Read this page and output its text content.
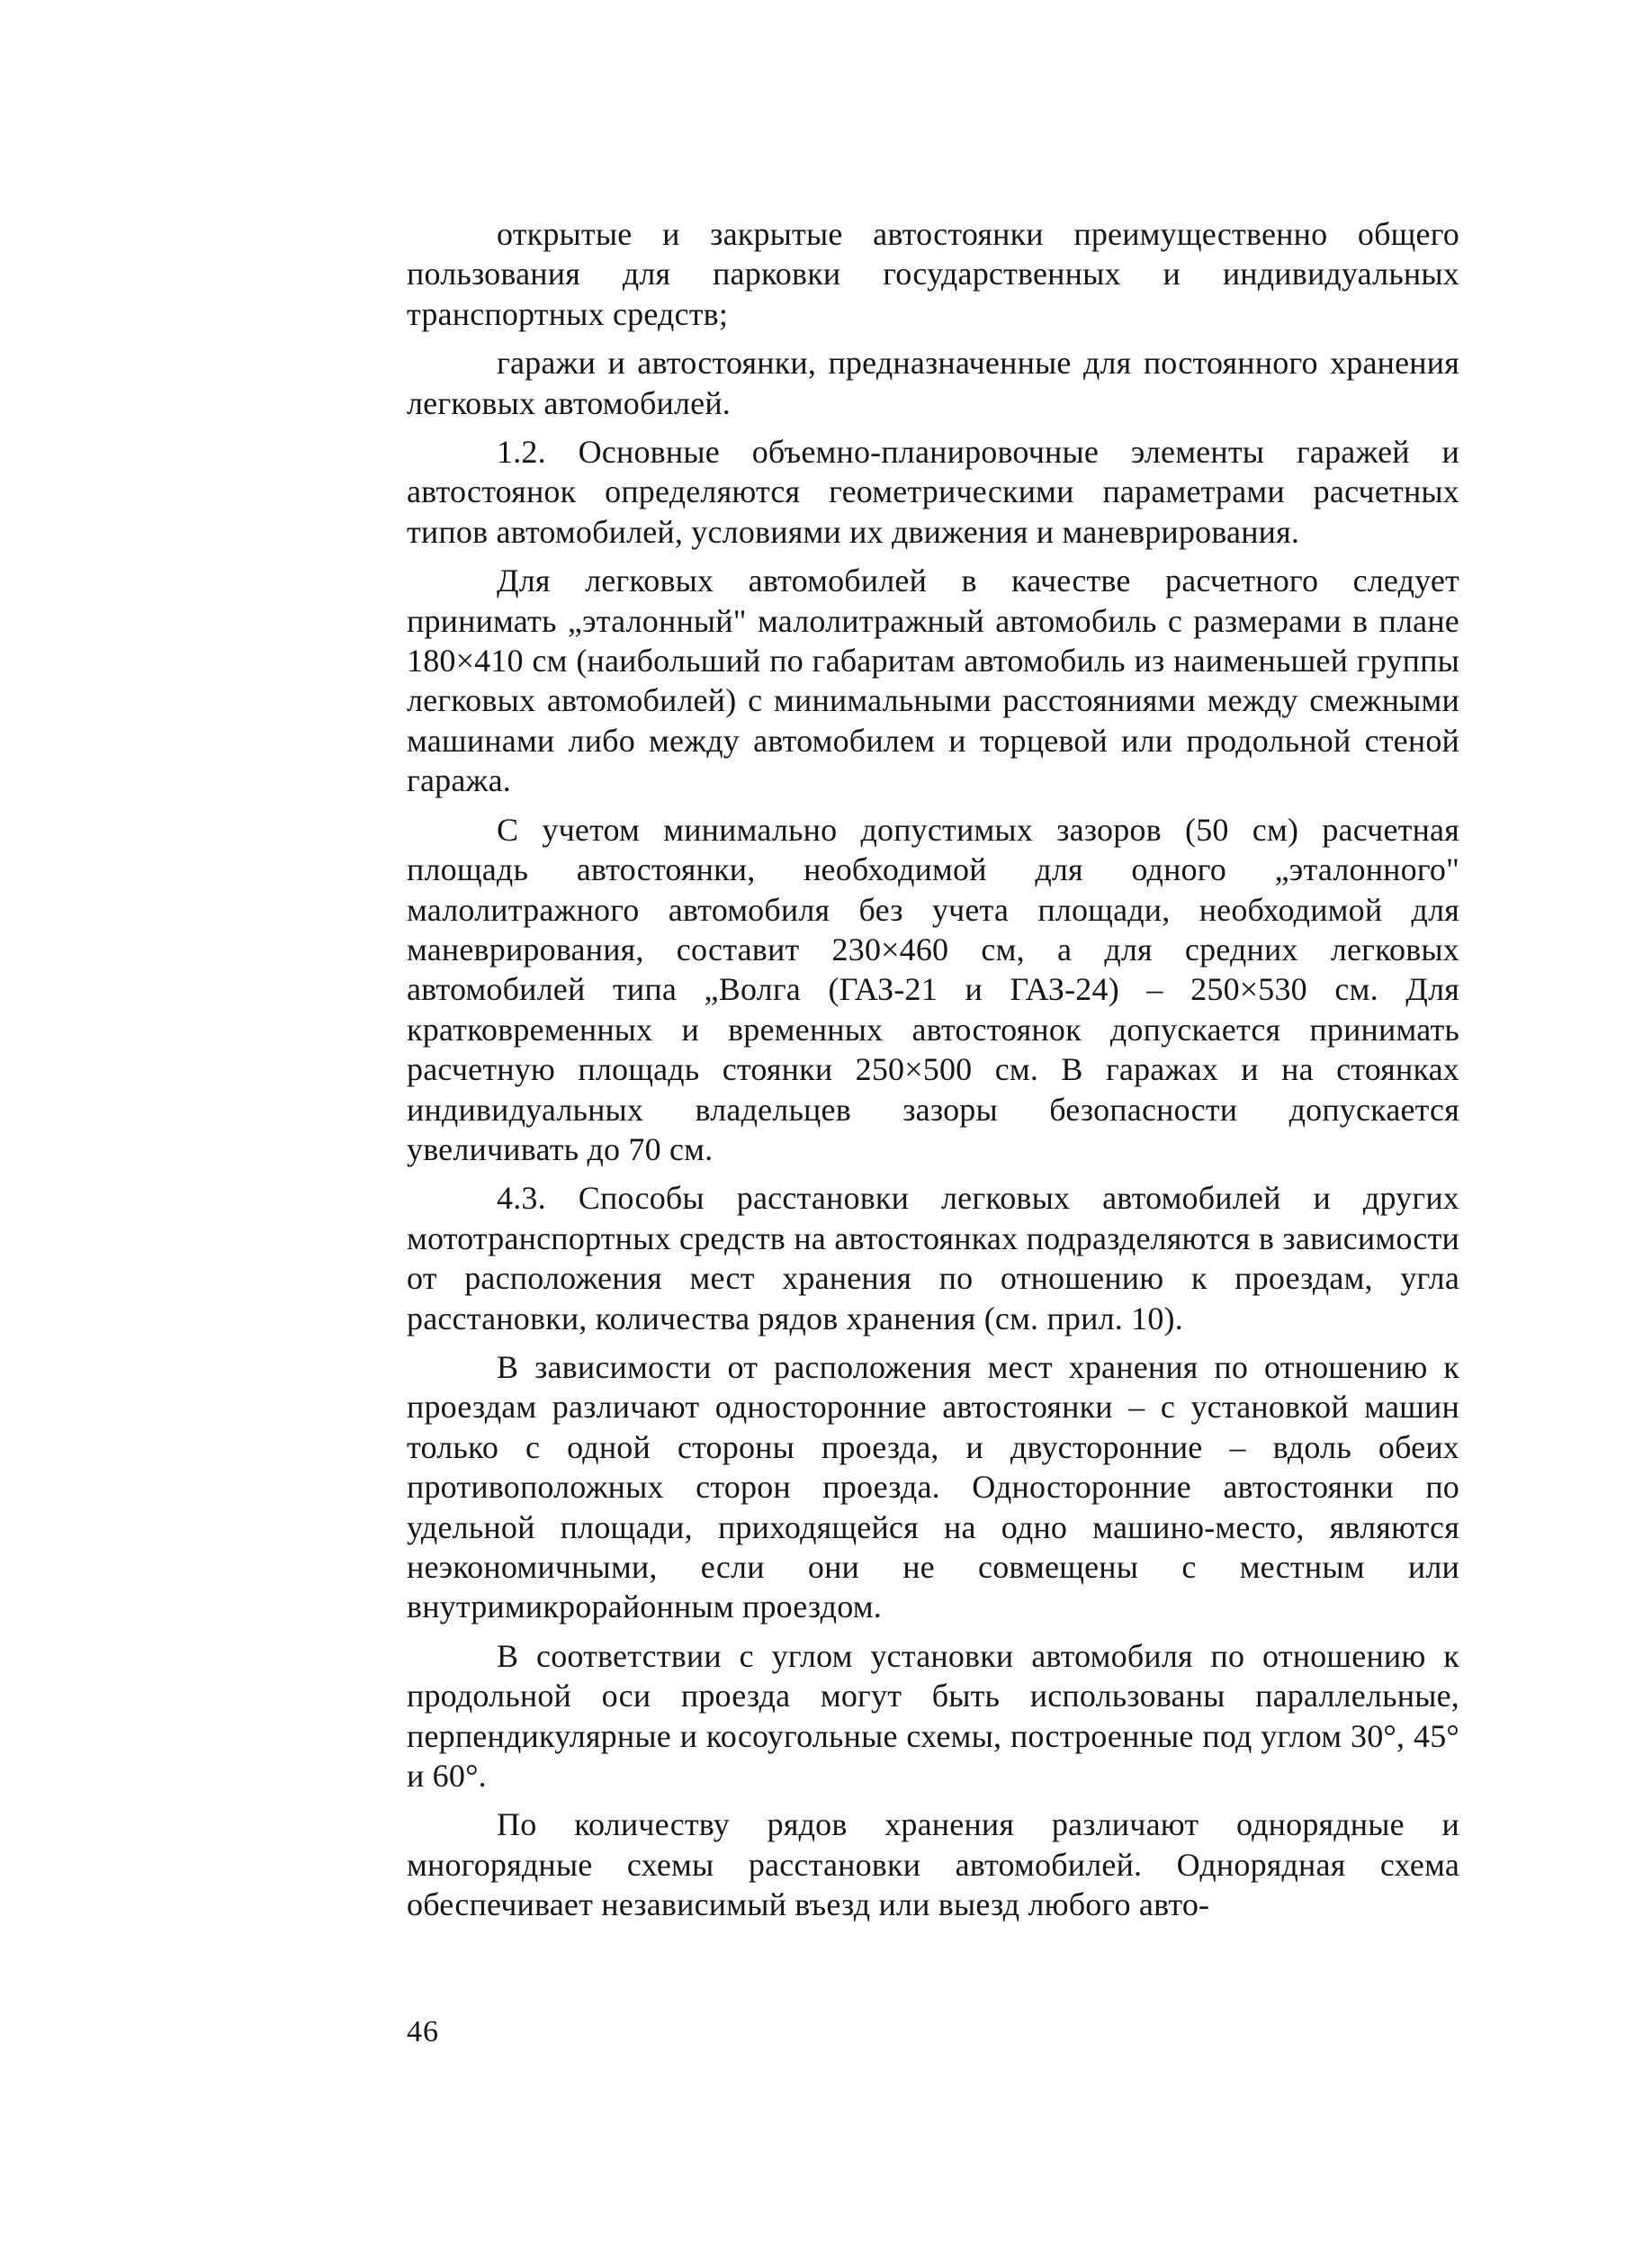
открытые и закрытые автостоянки преимущественно общего пользования для парковки государственных и индивидуальных транспортных средств;

гаражи и автостоянки, предназначенные для постоянного хранения легковых автомобилей.

1.2. Основные объемно-планировочные элементы гаражей и автостоянок определяются геометрическими параметрами расчетных типов автомобилей, условиями их движения и маневрирования.

Для легковых автомобилей в качестве расчетного следует принимать „эталонный" малолитражный автомобиль с размерами в плане 180×410 см (наибольший по габаритам автомобиль из наименьшей группы легковых автомобилей) с минимальными расстояниями между смежными машинами либо между автомобилем и торцевой или продольной стеной гаража.

С учетом минимально допустимых зазоров (50 см) расчетная площадь автостоянки, необходимой для одного „эталонного" малолитражного автомобиля без учета площади, необходимой для маневрирования, составит 230×460 см, а для средних легковых автомобилей типа „Волга (ГАЗ-21 и ГАЗ-24) – 250×530 см. Для кратковременных и временных автостоянок допускается принимать расчетную площадь стоянки 250×500 см. В гаражах и на стоянках индивидуальных владельцев зазоры безопасности допускается увеличивать до 70 см.

4.3. Способы расстановки легковых автомобилей и других мототранспортных средств на автостоянках подразделяются в зависимости от расположения мест хранения по отношению к проездам, угла расстановки, количества рядов хранения (см. прил. 10).

В зависимости от расположения мест хранения по отношению к проездам различают односторонние автостоянки – с установкой машин только с одной стороны проезда, и двусторонние – вдоль обеих противоположных сторон проезда. Односторонние автостоянки по удельной площади, приходящейся на одно машино-место, являются неэкономичными, если они не совмещены с местным или внутримикрорайонным проездом.

В соответствии с углом установки автомобиля по отношению к продольной оси проезда могут быть использованы параллельные, перпендикулярные и косоугольные схемы, построенные под углом 30°, 45° и 60°.

По количеству рядов хранения различают однорядные и многорядные схемы расстановки автомобилей. Однорядная схема обеспечивает независимый въезд или выезд любого авто-

46
